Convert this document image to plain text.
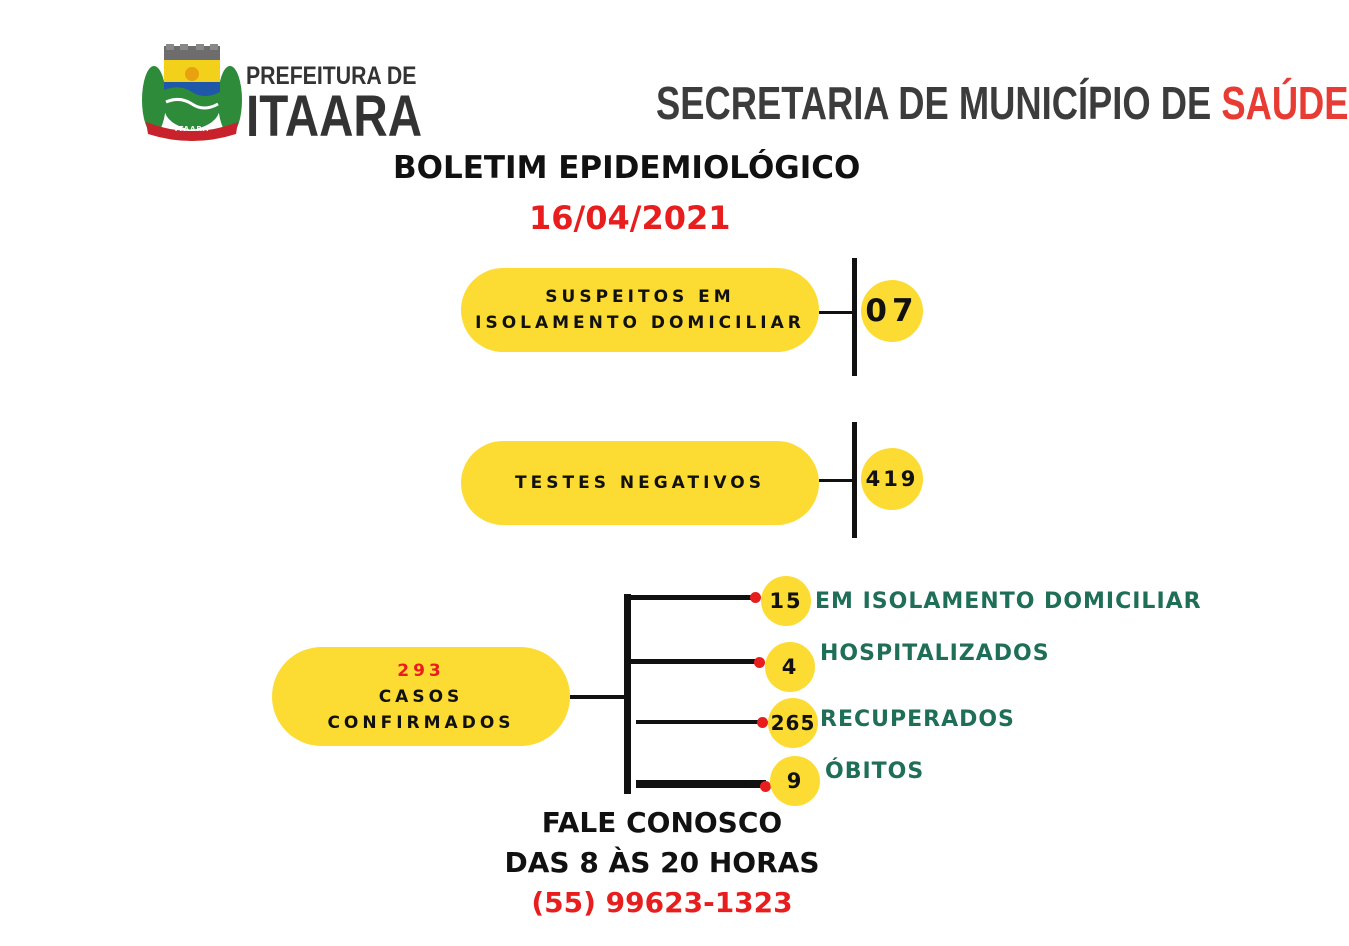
ITAARA
PREFEITURA DE
ITAARA	SECRETARIA DE MUNICÍPIO DE SAÚDE
BOLETIM EPIDEMIOLÓGICO
16/04/2021
SUSPEITOS EM
ISOLAMENTO DOMICILIAR 07
TESTES NEGATIVOS	419
293
CASOS
CONFIRMADOS
15 EM ISOLAMENTO DOMICILIAR
4
HOSPITALIZADOS
265 RECUPERADOS
9 ÓBITOS
FALE CONOSCO
DAS 8 ÀS 20 HORAS
(55) 99623-1323
